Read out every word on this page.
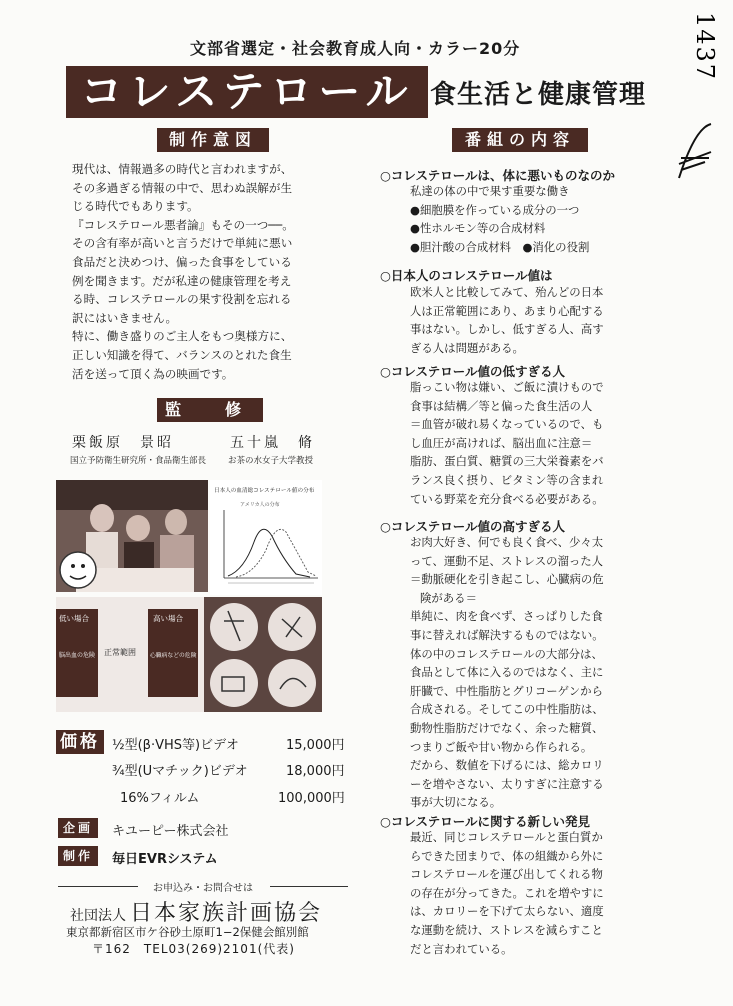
1437
文部省選定・社会教育成人向・カラー20分
コレステロール 食生活と健康管理
制作意図

現代は、情報過多の時代と言われますが、

その多過ぎる情報の中で、思わぬ誤解が生

じる時代でもあります。

『コレステロール悪者論』もその一つ──。

その含有率が高いと言うだけで単純に悪い

食品だと決めつけ、偏った食事をしている

例を聞きます。だが私達の健康管理を考え

る時、コレステロールの果す役割を忘れる

訳にはいきません。

特に、働き盛りのご主人をもつ奥様方に、

正しい知識を得て、バランスのとれた食生

活を送って頂く為の映画です。

監　修
栗飯原　景昭
国立予防衛生研究所・食品衛生部長
五十嵐　脩
お茶の水女子大学教授
日本人の血清総コレステロール値の分布
アメリカ人の分布
低い場合
脳出血の危険 正常範囲
高い場合
心臓病などの危険
価格 ½型(β·VHS等)ビデオ	15,000円
¾型(Uマチック)ビデオ	18,000円
16%フィルム	100,000円
企画	キユーピー株式会社
制作	毎日EVRシステム
お申込み・お問合せは
社団法人 日本家族計画協会
東京都新宿区市ケ谷砂土原町1−2保健会館別館
〒162　TEL03(269)2101(代表)
番組の内容
○コレステロールは、体に悪いものなのか

私達の体の中で果す重要な働き

●細胞膜を作っている成分の一つ

●性ホルモン等の合成材料

●胆汁酸の合成材料　●消化の役割

○日本人のコレステロール値は

欧米人と比較してみて、殆んどの日本

人は正常範囲にあり、あまり心配する

事はない。しかし、低すぎる人、高す

ぎる人は問題がある。

○コレステロール値の低すぎる人

脂っこい物は嫌い、ご飯に漬けもので

食事は結構／等と偏った食生活の人

＝血管が破れ易くなっているので、も

し血圧が高ければ、脳出血に注意＝

脂肪、蛋白質、糖質の三大栄養素をバ

ランス良く摂り、ビタミン等の含まれ

ている野菜を充分食べる必要がある。

○コレステロール値の高すぎる人

お肉大好き、何でも良く食べ、少々太

って、運動不足、ストレスの溜った人

＝動脈硬化を引き起こし、心臓病の危

険がある＝

単純に、肉を食べず、さっぱりした食

事に替えれば解決するものではない。

体の中のコレステロールの大部分は、

食品として体に入るのではなく、主に

肝臓で、中性脂肪とグリコーゲンから

合成される。そしてこの中性脂肪は、

動物性脂肪だけでなく、余った糖質、

つまりご飯や甘い物から作られる。

だから、数値を下げるには、総カロリ

ーを増やさない、太りすぎに注意する

事が大切になる。

○コレステロールに関する新しい発見

最近、同じコレステロールと蛋白質か

らできた団まりで、体の組織から外に

コレステロールを運び出してくれる物

の存在が分ってきた。これを増やすに

は、カロリーを下げて太らない、適度

な運動を続け、ストレスを減らすこと

だと言われている。
